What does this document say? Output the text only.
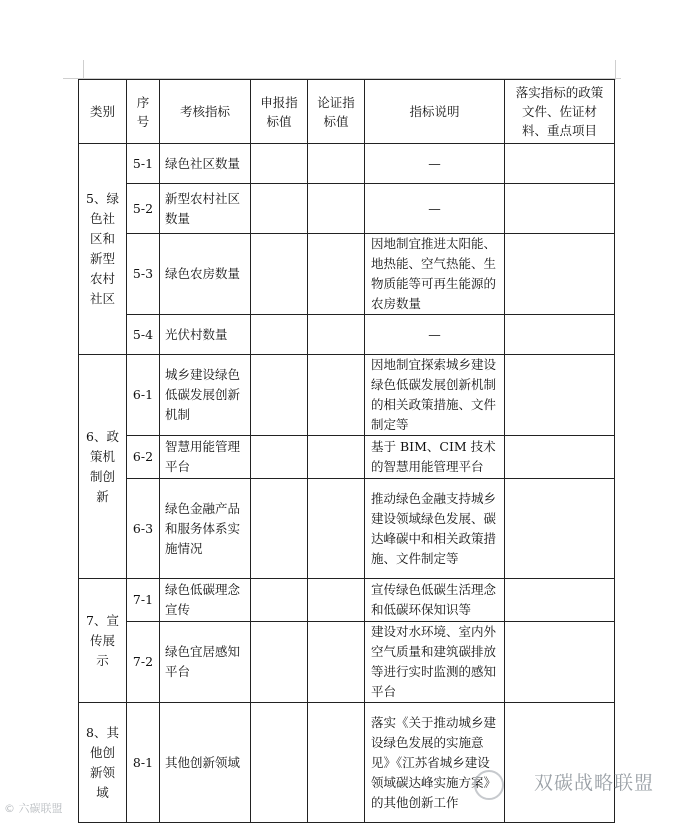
类别	序号	考核指标	申报指标值	论证指标值	指标说明	落实指标的政策文件、佐证材料、重点项目
5、绿色社区和新型农村社区	5-1	绿色社区数量			—	
	5-2	新型农村社区数量			—	
	5-3	绿色农房数量			因地制宜推进太阳能、地热能、空气热能、生物质能等可再生能源的农房数量	
	5-4	光伏村数量			—	
6、政策机制创新	6-1	城乡建设绿色低碳发展创新机制			因地制宜探索城乡建设绿色低碳发展创新机制的相关政策措施、文件制定等	
	6-2	智慧用能管理平台			基于 BIM、CIM 技术的智慧用能管理平台	
	6-3	绿色金融产品和服务体系实施情况			推动绿色金融支持城乡建设领域绿色发展、碳达峰碳中和相关政策措施、文件制定等	
7、宣传展示	7-1	绿色低碳理念宣传			宣传绿色低碳生活理念和低碳环保知识等	
	7-2	绿色宜居感知平台			建设对水环境、室内外空气质量和建筑碳排放等进行实时监测的感知平台	
8、其他创新领域	8-1	其他创新领域			落实《关于推动城乡建设绿色发展的实施意见》《江苏省城乡建设领域碳达峰实施方案》的其他创新工作	
双碳战略联盟
© 六碳联盟
